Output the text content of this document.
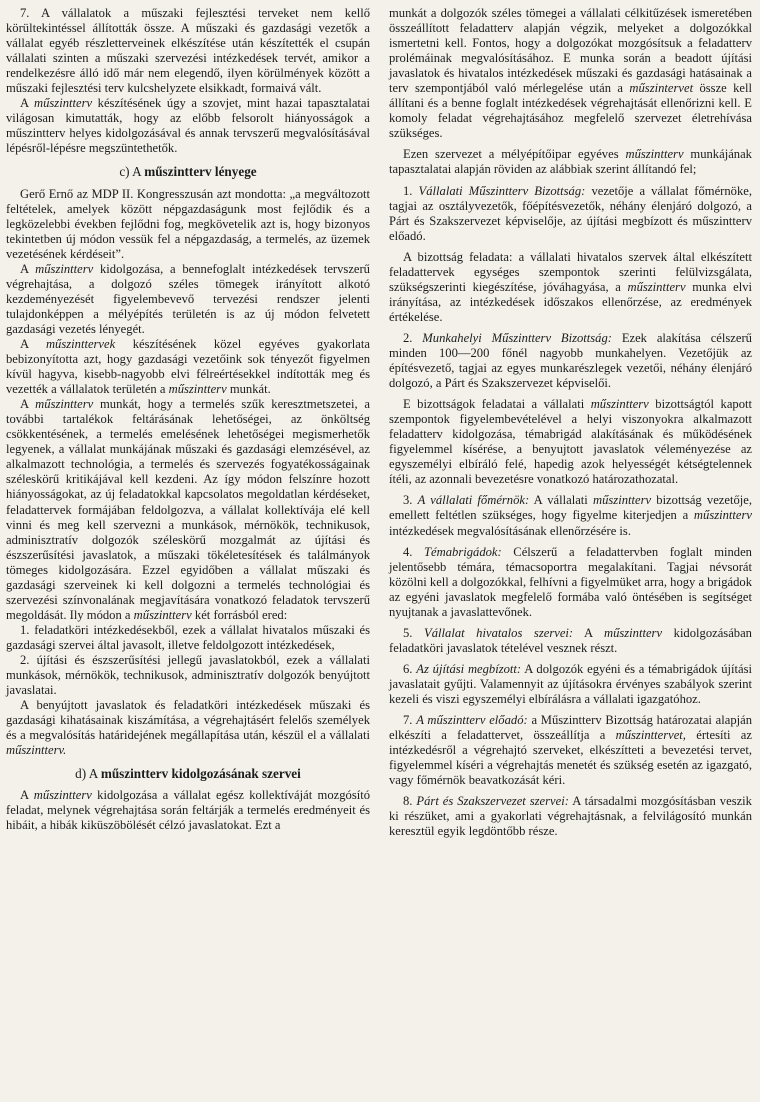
7. A vállalatok a műszaki fejlesztési terveket nem kellő körültekintéssel állították össze. A műszaki és gazdasági vezetők a vállalat egyéb részletterveinek elkészítése után készítették el csupán vállalati szinten a műszaki szervezési intézkedések tervét, amikor a rendelkezésre álló idő már nem elegendő, ilyen körülmények között a műszaki fejlesztési terv kulcshelyzete elsikkadt, formaivá vált.

A műszintterv készítésének úgy a szovjet, mint hazai tapasztalatai világosan kimutatták, hogy az előbb felsorolt hiányosságok a műszintterv helyes kidolgozásával és annak tervszerű megvalósításával lépésről-lépésre megszüntethetők.

c) A műszintterv lényege

Gerő Ernő az MDP II. Kongresszusán azt mondotta: „a megváltozott feltételek, amelyek között népgazdaságunk most fejlődik és a legközelebbi években fejlődni fog, megkövetelik azt is, hogy bizonyos tekintetben új módon vessük fel a népgazdaság, a termelés, az üzemek vezetésének kérdéseit”.

A műszintterv kidolgozása, a bennefoglalt intézkedések tervszerű végrehajtása, a dolgozó széles tömegek irányított alkotó kezdeményezését figyelembevevő tervezési rendszer jelenti tulajdonképpen a mélyépítés területén is az új módon felvetett gazdasági vezetés lényegét.

A műszinttervek készítésének közel egyéves gyakorlata bebizonyította azt, hogy gazdasági vezetőink sok tényezőt figyelmen kívül hagyva, kisebb-nagyobb elvi félreértésekkel indították meg és vezették a vállalatok területén a műszintterv munkát.

A műszintterv munkát, hogy a termelés szűk keresztmetszetei, a további tartalékok feltárásának lehetőségei, az önköltség csökkentésének, a termelés emelésének lehetőségei megismerhetők legyenek, a vállalat munkájának műszaki és gazdasági elemzésével, az alkalmazott technológia, a termelés és szervezés fogyatékosságainak széleskörű kritikájával kell kezdeni. Az így módon felszínre hozott hiányosságokat, az új feladatokkal kapcsolatos megoldatlan kérdéseket, feladattervek formájában feldolgozva, a vállalat kollektívája elé kell vinni és meg kell szervezni a munkások, mérnökök, technikusok, adminisztratív dolgozók széleskörű mozgalmát az újítási és észszerűsítési javaslatok, a műszaki tökéletesítések és találmányok tömeges kidolgozására. Ezzel egyidőben a vállalat műszaki és gazdasági szerveinek ki kell dolgozni a termelés technológiai és szervezési színvonalának megjavítására vonatkozó feladatok tervszerű megoldását. Ily módon a műszintterv két forrásból ered:

1. feladatköri intézkedésekből, ezek a vállalat hivatalos műszaki és gazdasági szervei által javasolt, illetve feldolgozott intézkedések,

2. újítási és észszerűsítési jellegű javaslatokból, ezek a vállalati munkások, mérnökök, technikusok, adminisztratív dolgozók benyújtott javaslatai.

A benyújtott javaslatok és feladatköri intézkedések műszaki és gazdasági kihatásainak kiszámítása, a végrehajtásért felelős személyek és a megvalósítás határidejének megállapítása után, készül el a vállalati műszintterv.

d) A műszintterv kidolgozásának szervei

A műszintterv kidolgozása a vállalat egész kollektíváját mozgósító feladat, melynek végrehajtása során feltárják a termelés eredményeit és hibáit, a hibák kiküszöbölését célzó javaslatokat. Ezt a

munkát a dolgozók széles tömegei a vállalati célkitűzések ismeretében összeállított feladatterv alapján végzik, melyeket a dolgozókkal ismertetni kell. Fontos, hogy a dolgozókat mozgósítsuk a feladatterv prolémáinak megvalósításához. E munka során a beadott újítási javaslatok és hivatalos intézkedések műszaki és gazdasági hatásainak a terv szempontjából való mérlegelése után a műszintervet össze kell állítani és a benne foglalt intézkedések végrehajtását ellenőrizni kell. E komoly feladat végrehajtásához megfelelő szervezet életrehívása szükséges.

Ezen szervezet a mélyépítőipar egyéves műszintterv munkájának tapasztalatai alapján röviden az alábbiak szerint állítandó fel;

1. Vállalati Műszintterv Bizottság: vezetője a vállalat főmérnöke, tagjai az osztályvezetők, főépítésvezetők, néhány élenjáró dolgozó, a Párt és Szakszervezet képviselője, az újítási megbízott és műszintterv előadó.

A bizottság feladata: a vállalati hivatalos szervek által elkészített feladattervek egységes szempontok szerinti felülvizsgálata, szükségszerinti kiegészítése, jóváhagyása, a műszintterv munka elvi irányítása, az intézkedések időszakos ellenőrzése, az eredmények értékelése.

2. Munkahelyi Műszintterv Bizottság: Ezek alakítása célszerű minden 100—200 főnél nagyobb munkahelyen. Vezetőjük az építésvezető, tagjai az egyes munkarészlegek vezetői, néhány élenjáró dolgozó, a Párt és Szakszervezet képviselői.

E bizottságok feladatai a vállalati műszintterv bizottságtól kapott szempontok figyelembevételével a helyi viszonyokra alkalmazott feladatterv kidolgozása, témabrigád alakításának és működésének figyelemmel kísérése, a benyujtott javaslatok véleményezése az egyszemélyi elbíráló felé, hapedig azok helyességét kétségtelennek ítéli, az azonnali bevezetésre vonatkozó határozathozatal.

3. A vállalati főmérnök: A vállalati műszintterv bizottság vezetője, emellett feltétlen szükséges, hogy figyelme kiterjedjen a műszintterv intézkedések megvalósításának ellenőrzésére is.

4. Témabrigádok: Célszerű a feladattervben foglalt minden jelentősebb témára, témacsoportra megalakítani. Tagjai névsorát közölni kell a dolgozókkal, felhívni a figyelmüket arra, hogy a brigádok az egyéni javaslatok megfelelő formába való öntésében is segítséget nyujtanak a javaslattevőnek.

5. Vállalat hivatalos szervei: A műszintterv kidolgozásában feladatköri javaslatok tételével vesznek részt.

6. Az újítási megbízott: A dolgozók egyéni és a témabrigádok újítási javaslatait gyűjti. Valamennyit az újításokra érvényes szabályok szerint kezeli és viszi egyszemélyi elbírálásra a vállalati igazgatóhoz.

7. A műszintterv előadó: a Műszintterv Bizottság határozatai alapján elkészíti a feladattervet, összeállítja a műszinttervet, értesíti az intézkedésről a végrehajtó szerveket, elkészítteti a bevezetési tervet, figyelemmel kíséri a végrehajtás menetét és szükség esetén az igazgató, vagy főmérnök beavatkozását kéri.

8. Párt és Szakszervezet szervei: A társadalmi mozgósításban veszik ki részüket, ami a gyakorlati végrehajtásnak, a felvilágosító munkán keresztül egyik legdöntőbb része.
